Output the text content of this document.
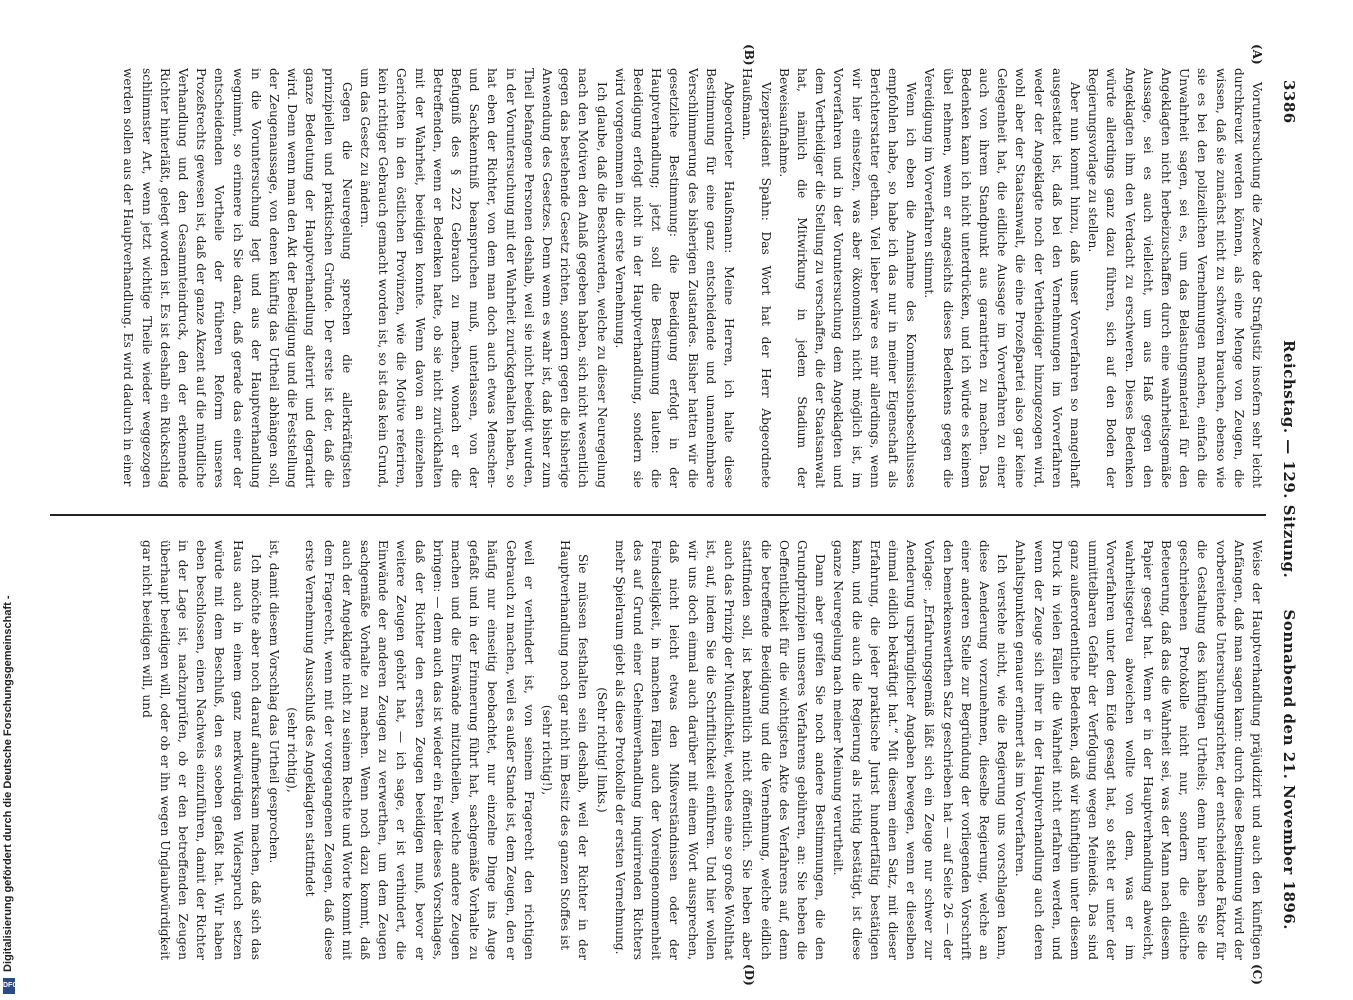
3386
Reichstag. — 129. Sitzung.
Sonnabend den 21. November 1896.
(A)
(B)
(C)
(D)

Voruntersuchung die Zwecke der Strafjustiz insofern sehr leicht durchkreuzt werden können, als eine Menge von Zeugen, die wissen, daß sie zunächst nicht zu schwören brauchen, ebenso wie sie es bei den polizeilichen Vernehmungen machen, einfach die Unwahrheit sagen, sei es, um das Belastungsmaterial für den Angeklagten nicht herbeizuschaffen durch eine wahrheitsgemäße Aussage, sei es auch vielleicht, um aus Haß gegen den Angeklagten ihm den Verdacht zu erschweren. Dieses Bedenken würde allerdings ganz dazu führen, sich auf den Boden der Regierungsvorlage zu stellen.

Aber nun kommt hinzu, daß unser Vorverfahren so mangelhaft ausgestattet ist, daß bei den Vernehmungen im Vorverfahren weder der Angeklagte noch der Vertheidiger hinzugezogen wird, wohl aber der Staatsanwalt, die eine Prozeßpartei also gar keine Gelegenheit hat, die eidliche Aussage im Vorverfahren zu einer auch von ihrem Standpunkt aus garantirten zu machen. Das Bedenken kann ich nicht unterdrücken, und ich würde es keinem übel nehmen, wenn er angesichts dieses Bedenkens gegen die Vereidigung im Vorverfahren stimmt.

Wenn ich eben die Annahme des Kommissionsbeschlusses empfohlen habe, so habe ich das nur in meiner Eigenschaft als Berichterstatter gethan. Viel lieber wäre es mir allerdings, wenn wir hier einsetzen, was aber ökonomisch nicht möglich ist, im Vorverfahren und in der Voruntersuchung dem Angeklagten und dem Vertheidiger die Stellung zu verschaffen, die der Staatsanwalt hat, nämlich die Mitwirkung in jedem Stadium der Beweisaufnahme.

Vizepräsident Spahn: Das Wort hat der Herr Abgeordnete Haußmann.

Abgeordneter Haußmann: Meine Herren, ich halte diese Bestimmung für eine ganz entscheidende und unannehmbare Verschlimmerung des bisherigen Zustandes. Bisher hatten wir die gesetzliche Bestimmung: die Beeidigung erfolgt in der Hauptverhandlung; jetzt soll die Bestimmung lauten: die Beeidigung erfolgt nicht in der Hauptverhandlung, sondern sie wird vorgenommen in die erste Vernehmung.

Ich glaube, daß die Beschwerden, welche zu dieser Neuregelung nach den Motiven den Anlaß gegeben haben, sich nicht wesentlich gegen das bestehende Gesetz richten, sondern gegen die bisherige Anwendung des Gesetzes. Denn wenn es wahr ist, daß bisher zum Theil befangene Personen deshalb, weil sie nicht beeidigt wurden, in der Voruntersuchung mit der Wahrheit zurückgehalten haben, so hat eben der Richter, von dem man doch auch etwas Menschen- und Sachkenntniß beanspruchen muß, unterlassen, von der Befugniß des § 222 Gebrauch zu machen, wonach er die Betreffenden, wenn er Bedenken hatte, ob sie nicht zurückhalten mit der Wahrheit, beeidigen konnte. Wenn davon an einzelnen Gerichten in den östlichen Provinzen, wie die Motive referiren, kein richtiger Gebrauch gemacht worden ist, so ist das kein Grund, um das Gesetz zu ändern.

Gegen die Neuregelung sprechen die allerkräftigsten prinzipiellen und praktischen Gründe. Der erste ist der, daß die ganze Bedeutung der Hauptverhandlung alterirt und degradirt wird. Denn wenn man den Akt der Beeidigung und die Feststellung der Zeugenaussage, von denen künftig das Urtheil abhängen soll, in die Voruntersuchung legt und aus der Hauptverhandlung wegnimmt, so erinnere ich Sie daran, daß gerade das einer der entscheidenden Vortheile der früheren Reform unseres Prozeßrechts gewesen ist, daß der ganze Akzent auf die mündliche Verhandlung und den Gesammteindruck, den der erkennende Richter hinterläßt, gelegt worden ist. Es ist deshalb ein Rückschlag schlimmster Art, wenn jetzt wichtige Theile wieder weggezogen werden sollen aus der Hauptverhandlung. Es wird dadurch in einer

Weise der Hauptverhandlung präjudizirt und auch den künftigen Anfängen, daß man sagen kann: durch diese Bestimmung wird der vorbereitende Untersuchungsrichter, der entscheidende Faktor für die Gestaltung des künftigen Urtheils; denn hier haben Sie die geschriebenen Protokolle nicht nur, sondern die eidliche Beteuerung, daß das die Wahrheit sei, was der Mann nach diesem Papier gesagt hat. Wenn er in der Hauptverhandlung abweicht, wahrheitsgetreu abweichen wollte von dem, was er im Vorverfahren unter dem Eide gesagt hat, so steht er unter der unmittelbaren Gefahr der Verfolgung wegen Meineids. Das sind ganz außerordentliche Bedenken, daß wir künftighin unter diesem Druck in vielen Fällen die Wahrheit nicht erfahren werden, und wenn der Zeuge sich ihrer in der Hauptverhandlung auch deren Anhaltspunkten genauer erinnert als im Vorverfahren.

Ich verstehe nicht, wie die Regierung uns vorschlagen kann, diese Aenderung vorzunehmen, dieselbe Regierung, welche an einer anderen Stelle zur Begründung der vorliegenden Vorschrift den bemerkenswerthen Satz geschrieben hat — auf Seite 26 — der Vorlage: „Erfahrungsgemäß läßt sich ein Zeuge nur schwer zur Aenderung ursprünglicher Angaben bewegen, wenn er dieselben einmal eidlich bekräftigt hat.“ Mit diesem einen Satz, mit dieser Erfahrung, die jeder praktische Jurist hundertfältig bestätigen kann, und die auch die Regierung als richtig bestätigt, ist diese ganze Neuregelung nach meiner Meinung verurtheilt.

Dann aber greifen Sie noch andere Bestimmungen, die den Grundprinzipien unseres Verfahrens gebühren, an: Sie heben die Oeffentlichkeit für die wichtigsten Akte des Verfahrens auf, denn die betreffende Beeidigung und die Vernehmung, welche eidlich stattfinden soll, ist bekanntlich nicht öffentlich. Sie heben aber auch das Prinzip der Mündlichkeit, welches eine so große Wohlthat ist, auf, indem Sie die Schriftlichkeit einführen. Und hier wollen wir uns doch einmal auch darüber mit einem Wort aussprechen, daß nicht leicht etwas den Mißverständnissen oder der Feindseligkeit, in manchen Fällen auch der Voreingenommenheit des auf Grund einer Geheimverhandlung inquirirenden Richters mehr Spielraum giebt als diese Protokolle der ersten Vernehmung.

(Sehr richtig! links.)

Sie müssen festhalten sein deshalb, weil der Richter in der Hauptverhandlung noch gar nicht im Besitz des ganzen Stoffes ist

(sehr richtig!),

weil er verhindert ist, von seinem Fragerecht den richtigen Gebrauch zu machen, weil es außer Stande ist, dem Zeugen, den er häufig nur einseitig beobachtet, nur einzelne Dinge ins Auge gefaßt und in der Erinnerung führt hat, sachgemäße Vorhalte zu machen und die Einwände mitzutheilen, welche andere Zeugen bringen: — denn auch das ist wieder ein Fehler dieses Vorschlages, daß der Richter den ersten Zeugen beeidigen muß, bevor er weitere Zeugen gehört hat, — ich sage, er ist verhindert, die Einwände der anderen Zeugen zu verwerthen, um dem Zeugen sachgemäße Vorhalte zu machen. Wenn noch dazu kommt, daß auch der Angeklagte nicht zu seinem Rechte und Worte kommt mit dem Fragerecht, wenn mit der vorgegangenen Zeugen, daß diese erste Vernehmung Ausschluß des Angeklagten stattfindet

(sehr richtig),

ist, damit diesem Vorschlag das Urtheil gesprochen.

Ich möchte aber noch darauf aufmerksam machen, daß sich das Haus auch in einem ganz merkwürdigen Widerspruch setzen würde mit dem Beschluß, den es soeben gefaßt hat. Wir haben eben beschlossen, einen Nachweis einzuführen, damit der Richter in der Lage ist, nachzuprüfen, ob er den betreffenden Zeugen überhaupt beeidigen will, oder ob er ihn wegen Unglaubwürdigkeit gar nicht beeidigen will, und

Digitalisierung gefördert durch die Deutsche Forschungsgemeinschaft -
DFG
